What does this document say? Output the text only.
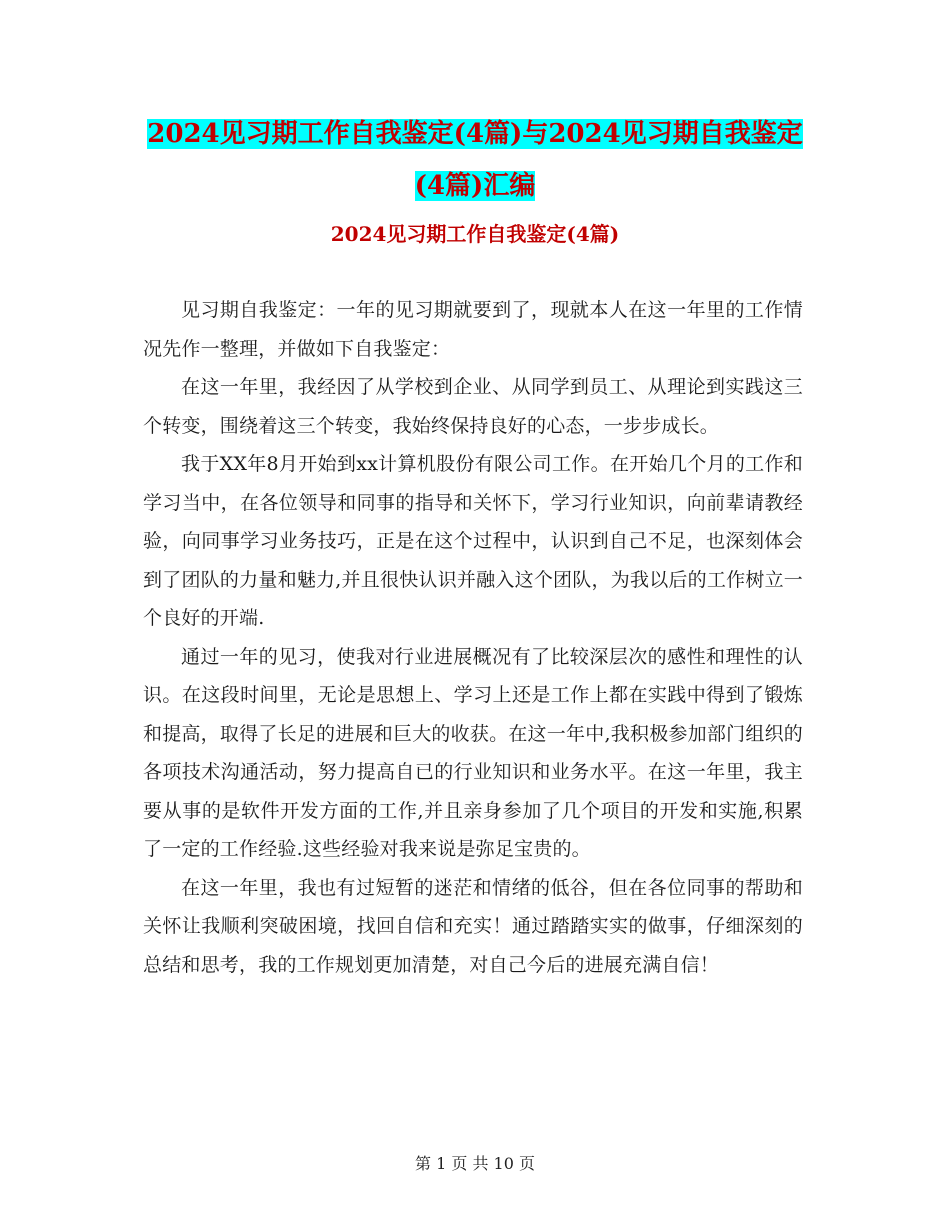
2024见习期工作自我鉴定(4篇)与2024见习期自我鉴定(4篇)汇编
2024见习期工作自我鉴定(4篇)

见习期自我鉴定：一年的见习期就要到了，现就本人在这一年里的工作情况先作一整理，并做如下自我鉴定：

在这一年里，我经因了从学校到企业、从同学到员工、从理论到实践这三个转变，围绕着这三个转变，我始终保持良好的心态，一步步成长。

我于XX年8月开始到xx计算机股份有限公司工作。在开始几个月的工作和学习当中，在各位领导和同事的指导和关怀下，学习行业知识，向前辈请教经验，向同事学习业务技巧，正是在这个过程中，认识到自己不足，也深刻体会到了团队的力量和魅力,并且很快认识并融入这个团队，为我以后的工作树立一个良好的开端.

通过一年的见习，使我对行业进展概况有了比较深层次的感性和理性的认识。在这段时间里，无论是思想上、学习上还是工作上都在实践中得到了锻炼和提高，取得了长足的进展和巨大的收获。在这一年中,我积极参加部门组织的各项技术沟通活动，努力提高自已的行业知识和业务水平。在这一年里，我主要从事的是软件开发方面的工作,并且亲身参加了几个项目的开发和实施,积累了一定的工作经验.这些经验对我来说是弥足宝贵的。

在这一年里，我也有过短暂的迷茫和情绪的低谷，但在各位同事的帮助和关怀让我顺利突破困境，找回自信和充实！通过踏踏实实的做事，仔细深刻的总结和思考，我的工作规划更加清楚，对自己今后的进展充满自信！

第 1 页 共 10 页
